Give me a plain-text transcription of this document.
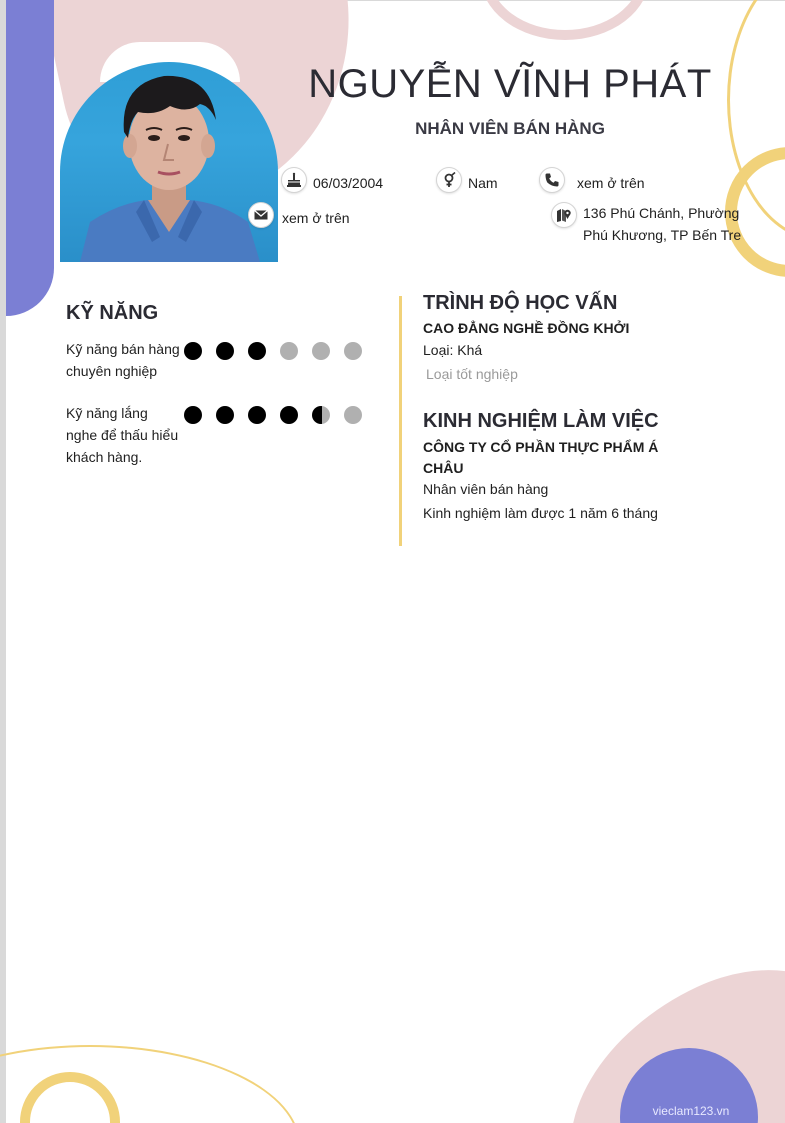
NGUYỄN VĨNH PHÁT
NHÂN VIÊN BÁN HÀNG
06/03/2004	Nam	xem ở trên
xem ở trên	136 Phú Chánh, Phường Phú Khương, TP Bến Tre
KỸ NĂNG
Kỹ năng bán hàng chuyên nghiệp
Kỹ năng lắng nghe để thấu hiểu khách hàng.
TRÌNH ĐỘ HỌC VẤN
CAO ĐẲNG NGHỀ ĐỒNG KHỞI
Loại: Khá
Loại tốt nghiệp
KINH NGHIỆM LÀM VIỆC
CÔNG TY CỔ PHẦN THỰC PHẨM Á CHÂU
Nhân viên bán hàng
Kinh nghiệm làm được 1 năm 6 tháng
vieclam123.vn
